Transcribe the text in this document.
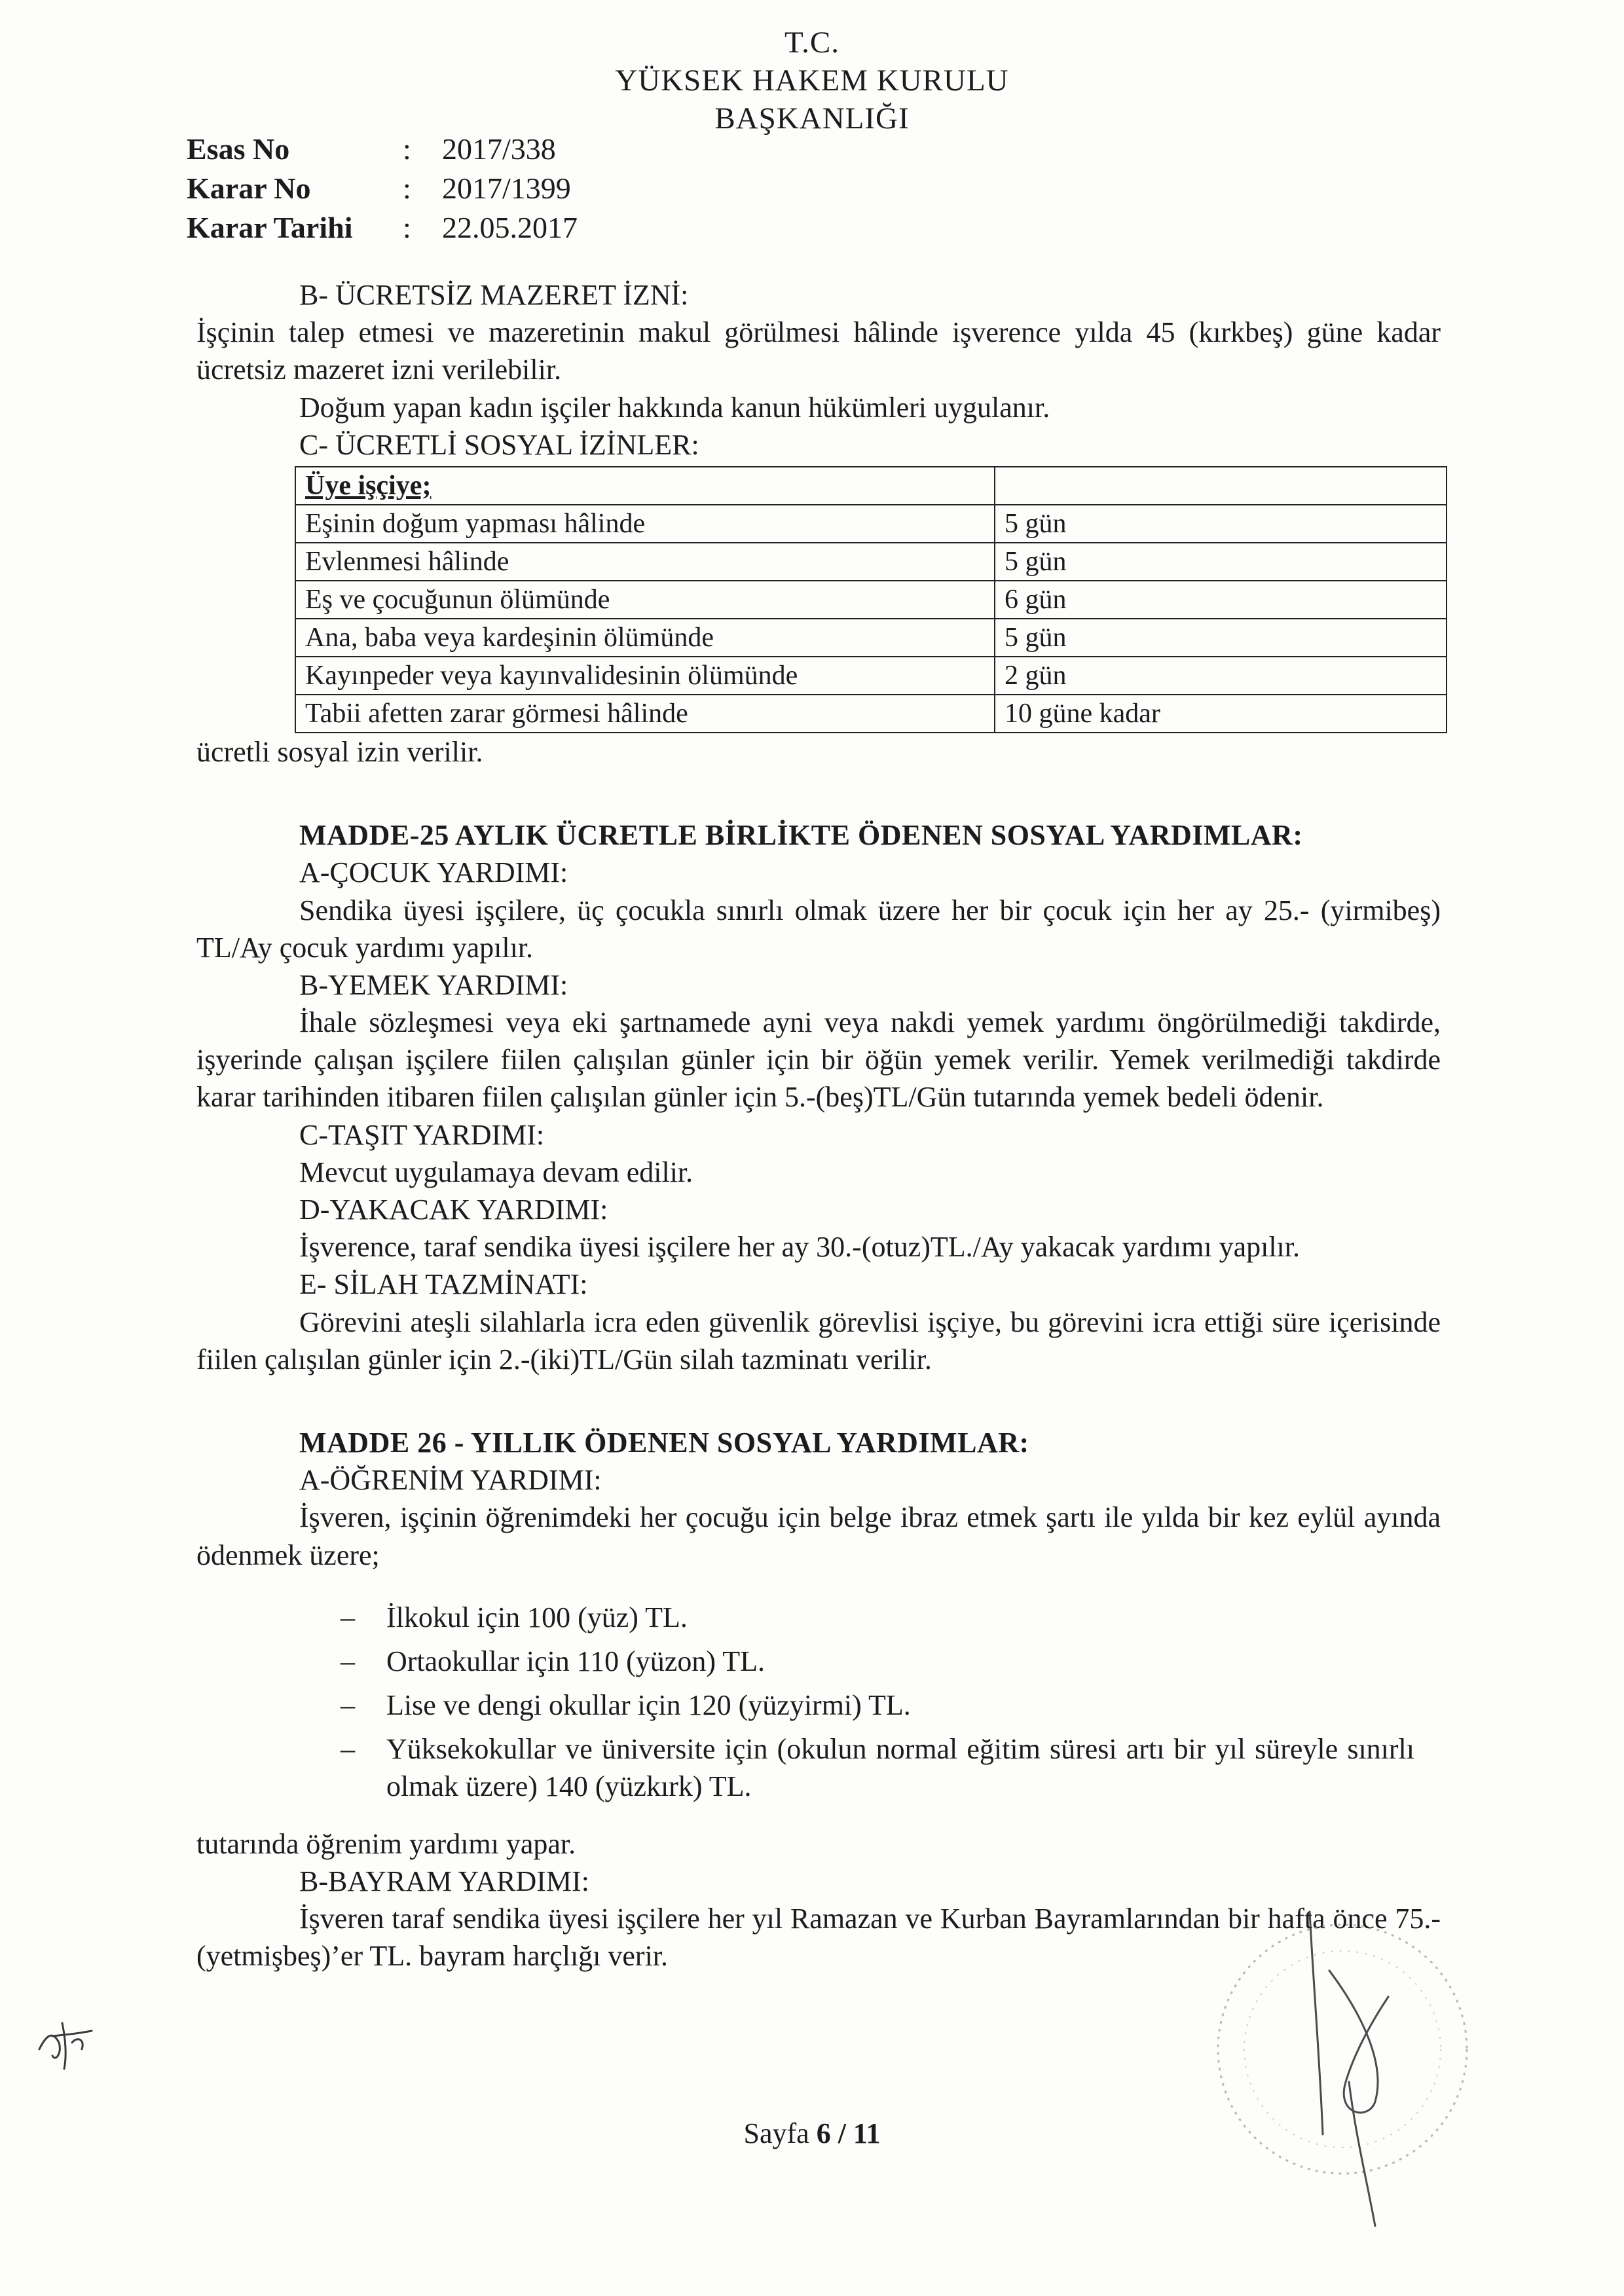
T.C.
YÜKSEK HAKEM KURULU
BAŞKANLIĞI
Esas No	:	2017/338
Karar No	:	2017/1399
Karar Tarihi	:	22.05.2017

B- ÜCRETSİZ MAZERET İZNİ:

İşçinin talep etmesi ve mazeretinin makul görülmesi hâlinde işverence yılda 45 (kırkbeş) güne kadar ücretsiz mazeret izni verilebilir.

Doğum yapan kadın işçiler hakkında kanun hükümleri uygulanır.

C- ÜCRETLİ SOSYAL İZİNLER:

Üye işçiye;	
Eşinin doğum yapması hâlinde	5 gün
Evlenmesi hâlinde	5 gün
Eş ve çocuğunun ölümünde	6 gün
Ana, baba veya kardeşinin ölümünde	5 gün
Kayınpeder veya kayınvalidesinin ölümünde	2 gün
Tabii afetten zarar görmesi hâlinde	10 güne kadar

ücretli sosyal izin verilir.

MADDE-25 AYLIK ÜCRETLE BİRLİKTE ÖDENEN SOSYAL YARDIMLAR:

A-ÇOCUK YARDIMI:

Sendika üyesi işçilere, üç çocukla sınırlı olmak üzere her bir çocuk için her ay 25.- (yirmibeş) TL/Ay çocuk yardımı yapılır.

B-YEMEK YARDIMI:

İhale sözleşmesi veya eki şartnamede ayni veya nakdi yemek yardımı öngörülmediği takdirde, işyerinde çalışan işçilere fiilen çalışılan günler için bir öğün yemek verilir. Yemek verilmediği takdirde karar tarihinden itibaren fiilen çalışılan günler için 5.-(beş)TL/Gün tutarında yemek bedeli ödenir.

C-TAŞIT YARDIMI:

Mevcut uygulamaya devam edilir.

D-YAKACAK YARDIMI:

İşverence, taraf sendika üyesi işçilere her ay 30.-(otuz)TL./Ay yakacak yardımı yapılır.

E- SİLAH TAZMİNATI:

Görevini ateşli silahlarla icra eden güvenlik görevlisi işçiye, bu görevini icra ettiği süre içerisinde fiilen çalışılan günler için 2.-(iki)TL/Gün silah tazminatı verilir.

MADDE 26 - YILLIK ÖDENEN SOSYAL YARDIMLAR:

A-ÖĞRENİM YARDIMI:

İşveren, işçinin öğrenimdeki her çocuğu için belge ibraz etmek şartı ile yılda bir kez eylül ayında ödenmek üzere;

– İlkokul için 100 (yüz) TL.
– Ortaokullar için 110 (yüzon) TL.
– Lise ve dengi okullar için 120 (yüzyirmi) TL.
– Yüksekokullar ve üniversite için (okulun normal eğitim süresi artı bir yıl süreyle sınırlı olmak üzere) 140 (yüzkırk) TL.

tutarında öğrenim yardımı yapar.

B-BAYRAM YARDIMI:

İşveren taraf sendika üyesi işçilere her yıl Ramazan ve Kurban Bayramlarından bir hafta önce 75.-(yetmişbeş)’er TL. bayram harçlığı verir.

Sayfa 6 / 11
